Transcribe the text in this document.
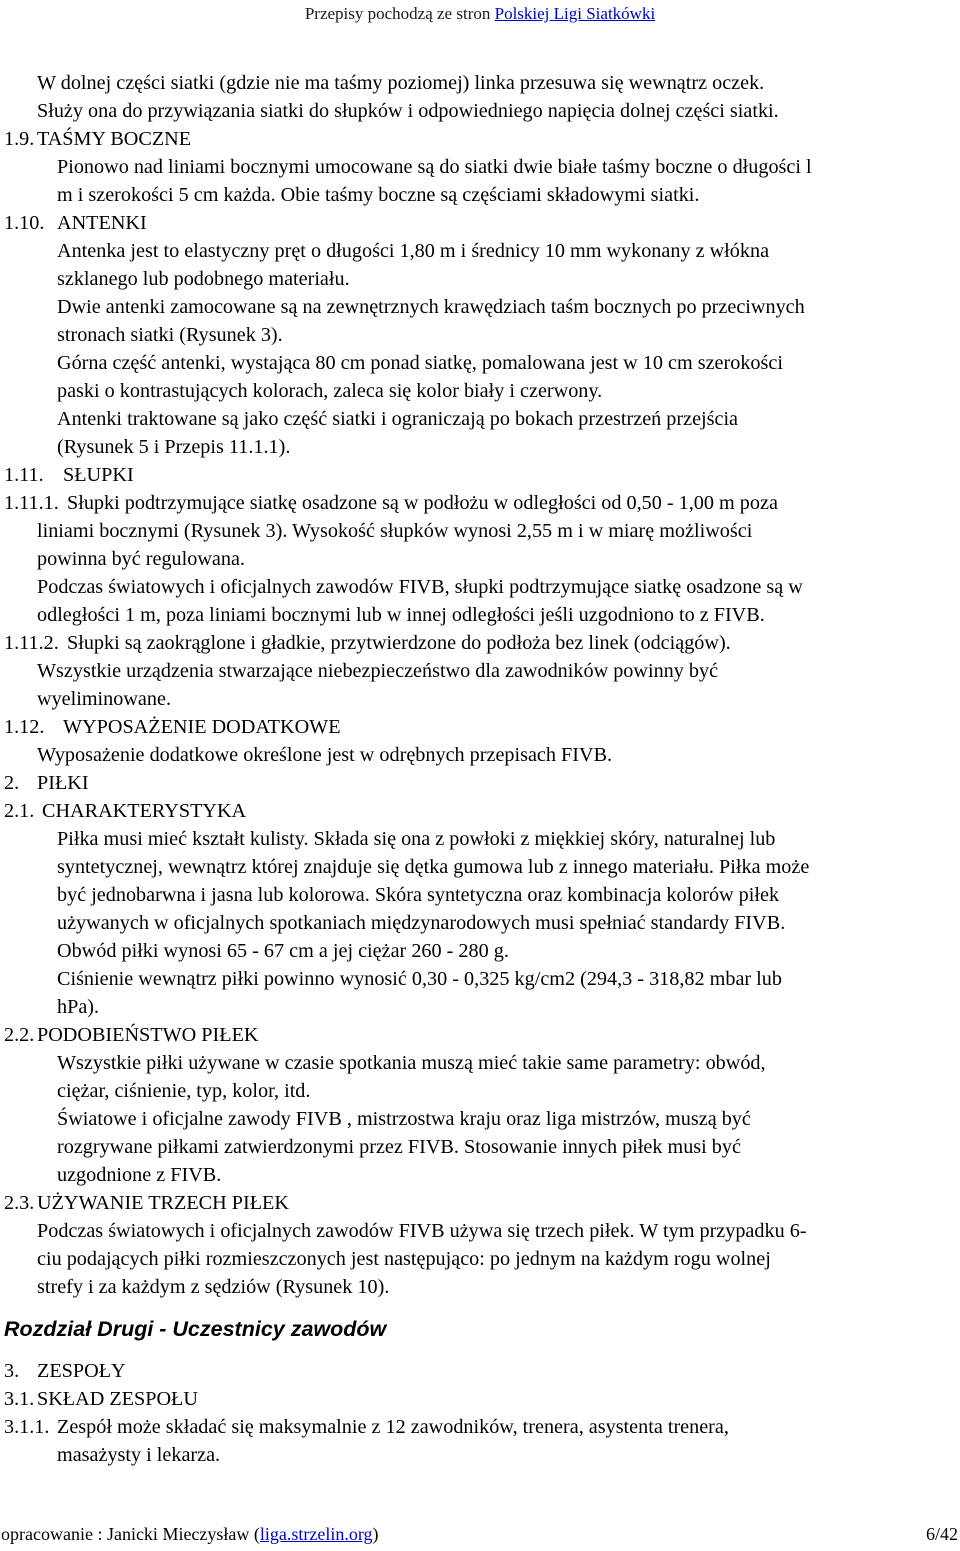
Przepisy pochodzą ze stron Polskiej Ligi Siatkówki
W dolnej części siatki (gdzie nie ma taśmy poziomej) linka przesuwa się wewnątrz oczek.
Służy ona do przywiązania siatki do słupków i odpowiedniego napięcia dolnej części siatki.
1.9. TAŚMY BOCZNE
Pionowo nad liniami bocznymi umocowane są do siatki dwie białe taśmy boczne o długości l
m i szerokości 5 cm każda. Obie taśmy boczne są częściami składowymi siatki.
1.10. ANTENKI
Antenka jest to elastyczny pręt o długości 1,80 m i średnicy 10 mm wykonany z włókna
szklanego lub podobnego materiału.
Dwie antenki zamocowane są na zewnętrznych krawędziach taśm bocznych po przeciwnych
stronach siatki (Rysunek 3).
Górna część antenki, wystająca 80 cm ponad siatkę, pomalowana jest w 10 cm szerokości
paski o kontrastujących kolorach, zaleca się kolor biały i czerwony.
Antenki traktowane są jako część siatki i ograniczają po bokach przestrzeń przejścia
(Rysunek 5 i Przepis 11.1.1).
1.11. SŁUPKI
1.11.1. Słupki podtrzymujące siatkę osadzone są w podłożu w odległości od 0,50 - 1,00 m poza
liniami bocznymi (Rysunek 3). Wysokość słupków wynosi 2,55 m i w miarę możliwości
powinna być regulowana.
Podczas światowych i oficjalnych zawodów FIVB, słupki podtrzymujące siatkę osadzone są w
odległości 1 m, poza liniami bocznymi lub w innej odległości jeśli uzgodniono to z FIVB.
1.11.2. Słupki są zaokrąglone i gładkie, przytwierdzone do podłoża bez linek (odciągów).
Wszystkie urządzenia stwarzające niebezpieczeństwo dla zawodników powinny być
wyeliminowane.
1.12. WYPOSAŻENIE DODATKOWE
Wyposażenie dodatkowe określone jest w odrębnych przepisach FIVB.
2. PIŁKI
2.1. CHARAKTERYSTYKA
Piłka musi mieć kształt kulisty. Składa się ona z powłoki z miękkiej skóry, naturalnej lub
syntetycznej, wewnątrz której znajduje się dętka gumowa lub z innego materiału. Piłka może
być jednobarwna i jasna lub kolorowa. Skóra syntetyczna oraz kombinacja kolorów piłek
używanych w oficjalnych spotkaniach międzynarodowych musi spełniać standardy FIVB.
Obwód piłki wynosi 65 - 67 cm a jej ciężar 260 - 280 g.
Ciśnienie wewnątrz piłki powinno wynosić 0,30 - 0,325 kg/cm2 (294,3 - 318,82 mbar lub
hPa).
2.2. PODOBIEŃSTWO PIŁEK
Wszystkie piłki używane w czasie spotkania muszą mieć takie same parametry: obwód,
ciężar, ciśnienie, typ, kolor, itd.
Światowe i oficjalne zawody FIVB , mistrzostwa kraju oraz liga mistrzów, muszą być
rozgrywane piłkami zatwierdzonymi przez FIVB. Stosowanie innych piłek musi być
uzgodnione z FIVB.
2.3. UŻYWANIE TRZECH PIŁEK
Podczas światowych i oficjalnych zawodów FIVB używa się trzech piłek. W tym przypadku 6-
ciu podających piłki rozmieszczonych jest następująco: po jednym na każdym rogu wolnej
strefy i za każdym z sędziów (Rysunek 10).
3. ZESPOŁY
3.1. SKŁAD ZESPOŁU
3.1.1. Zespół może składać się maksymalnie z 12 zawodników, trenera, asystenta trenera,
masażysty i lekarza.
Rozdział Drugi - Uczestnicy zawodów
opracowanie : Janicki Mieczysław (liga.strzelin.org)	6/42
